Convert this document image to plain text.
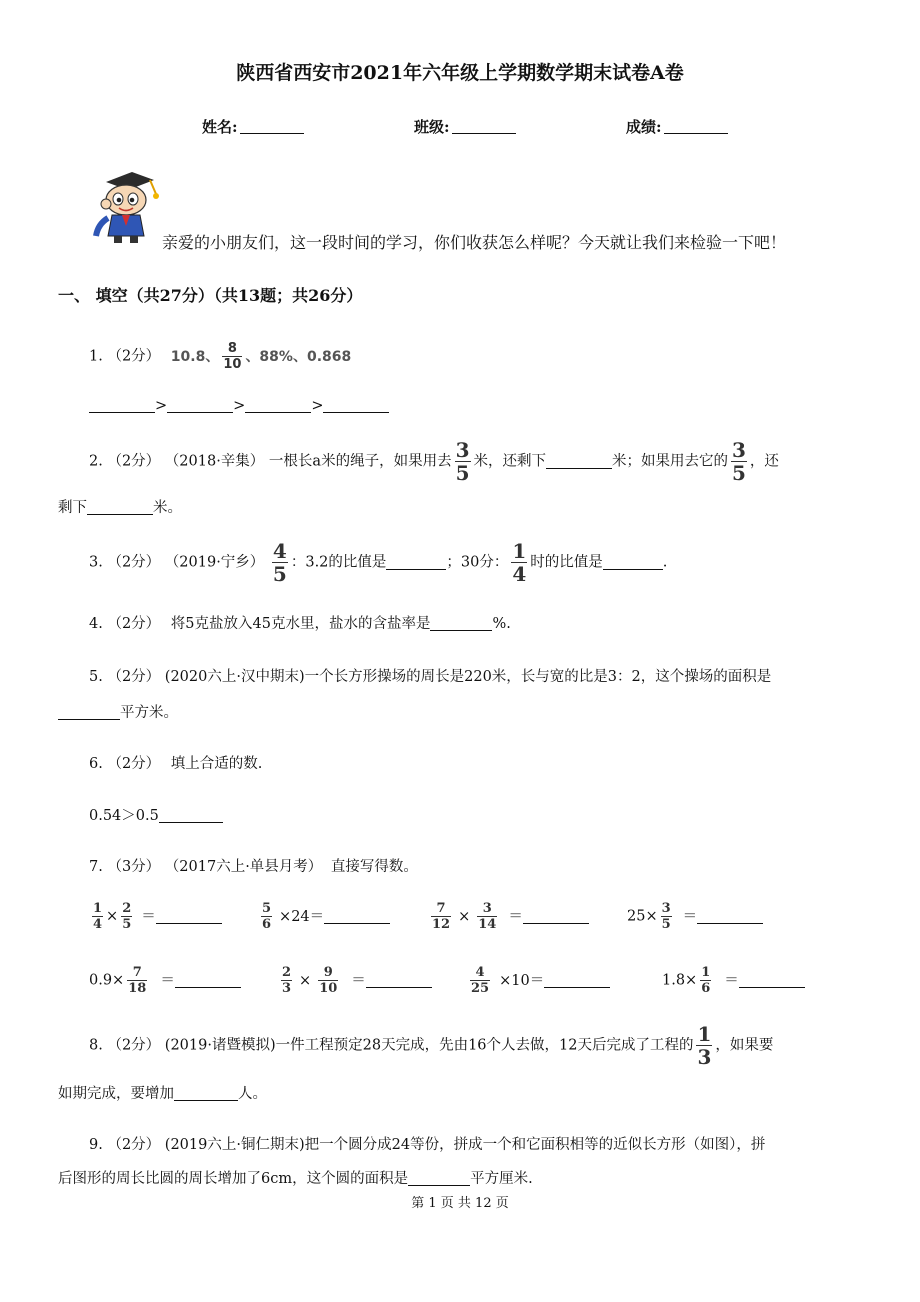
陕西省西安市2021年六年级上学期数学期末试卷A卷
姓名:	班级:	成绩:
亲爱的小朋友们，这一段时间的学习，你们收获怎么样呢？今天就让我们来检验一下吧！
一、 填空（共27分）（共13题；共26分）
1. （2分） 10.8、 $\frac{8}{10}$ 、88%、0.868
>	>	>
2. （2分） （2018·辛集） 一根长a米的绳子，如果用去 $\frac{3}{5}$ 米，还剩下	米；如果用去它的 $\frac{3}{5}$ ，还
剩下	米。
3. （2分） （2019·宁乡） $\frac{4}{5}$ ：3.2的比值是	；30分： $\frac{1}{4}$ 时的比值是	.
4. （2分） 将5克盐放入45克水里，盐水的含盐率是	%.
5. （2分） (2020六上·汉中期末)一个长方形操场的周长是220米，长与宽的比是3：2，这个操场的面积是
平方米。
6. （2分） 填上合适的数.
0.54＞0.5
7. （3分） （2017六上·单县月考） 直接写得数。
$\frac{1}{4} \times \frac{2}{5}$ ＝	$\frac{5}{6} \times 24=$	$\frac{7}{12} \times \frac{3}{14}$ ＝	$25\times \frac{3}{5}$ ＝
$0.9\times \frac{7}{18}$ ＝	$\frac{2}{3} \times \frac{9}{10}$ ＝	$\frac{4}{25} \times 10=$	$1.8\times \frac{1}{6}$ ＝
8. （2分） (2019·诸暨模拟)一件工程预定28天完成，先由16个人去做，12天后完成了工程的 $\frac{1}{3}$ ，如果要
如期完成，要增加	人。
9. （2分） (2019六上·铜仁期末)把一个圆分成24等份，拼成一个和它面积相等的近似长方形（如图），拼
后图形的周长比圆的周长增加了6cm，这个圆的面积是	平方厘米.
第 1 页 共 12 页
